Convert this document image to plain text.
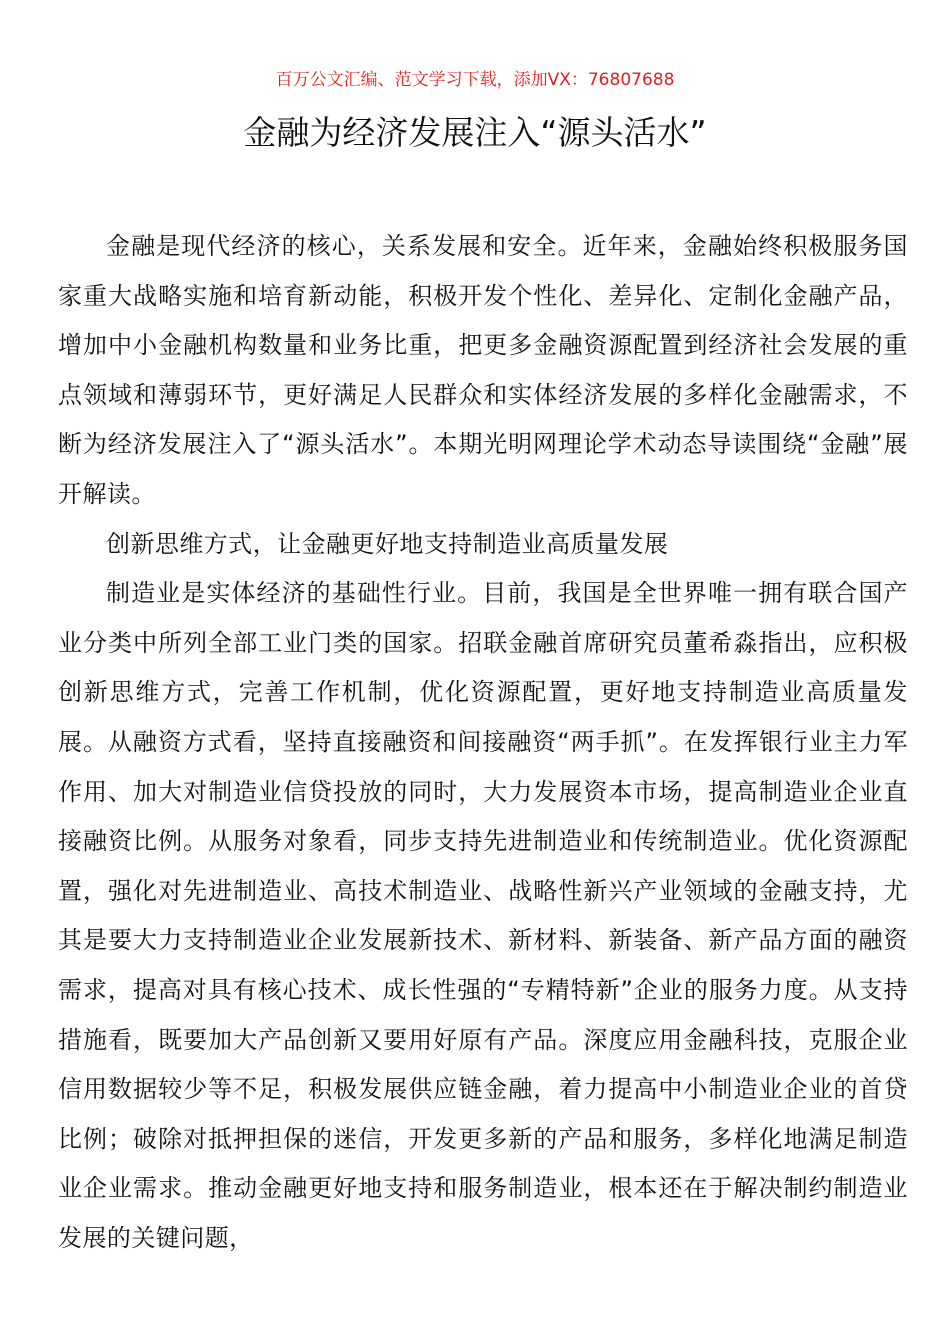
百万公文汇编、范文学习下载，添加VX：76807688
金融为经济发展注入“源头活水”

金融是现代经济的核心，关系发展和安全。近年来，金融始终积极服务国家重大战略实施和培育新动能，积极开发个性化、差异化、定制化金融产品，增加中小金融机构数量和业务比重，把更多金融资源配置到经济社会发展的重点领域和薄弱环节，更好满足人民群众和实体经济发展的多样化金融需求，不断为经济发展注入了“源头活水”。本期光明网理论学术动态导读围绕“金融”展开解读。

创新思维方式，让金融更好地支持制造业高质量发展

制造业是实体经济的基础性行业。目前，我国是全世界唯一拥有联合国产业分类中所列全部工业门类的国家。招联金融首席研究员董希淼指出，应积极创新思维方式，完善工作机制，优化资源配置，更好地支持制造业高质量发展。从融资方式看，坚持直接融资和间接融资“两手抓”。在发挥银行业主力军作用、加大对制造业信贷投放的同时，大力发展资本市场，提高制造业企业直接融资比例。从服务对象看，同步支持先进制造业和传统制造业。优化资源配置，强化对先进制造业、高技术制造业、战略性新兴产业领域的金融支持，尤其是要大力支持制造业企业发展新技术、新材料、新装备、新产品方面的融资需求，提高对具有核心技术、成长性强的“专精特新”企业的服务力度。从支持措施看，既要加大产品创新又要用好原有产品。深度应用金融科技，克服企业信用数据较少等不足，积极发展供应链金融，着力提高中小制造业企业的首贷比例；破除对抵押担保的迷信，开发更多新的产品和服务，多样化地满足制造业企业需求。推动金融更好地支持和服务制造业，根本还在于解决制约制造业发展的关键问题，
